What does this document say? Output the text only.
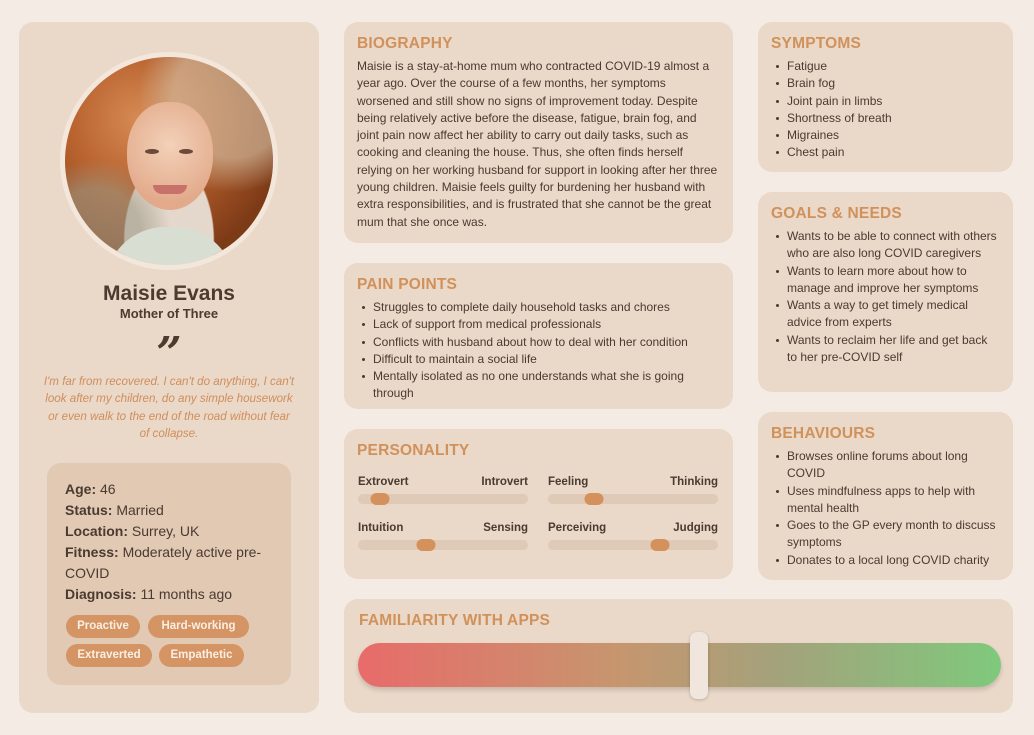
Maisie Evans
Mother of Three
”
I'm far from recovered. I can't do anything, I can't look after my children, do any simple housework or even walk to the end of the road without fear of collapse.
Age: 46
Status: Married
Location: Surrey, UK
Fitness: Moderately active pre-COVID
Diagnosis: 11 months ago
Proactive	Hard-working
Extraverted	Empathetic
BIOGRAPHY
Maisie is a stay-at-home mum who contracted COVID-19 almost a year ago. Over the course of a few months, her symptoms worsened and still show no signs of improvement today. Despite being relatively active before the disease, fatigue, brain fog, and joint pain now affect her ability to carry out daily tasks, such as cooking and cleaning the house. Thus, she often finds herself relying on her working husband for support in looking after her three young children. Maisie feels guilty for burdening her husband with extra responsibilities, and is frustrated that she cannot be the great mum that she once was.
PAIN POINTS
Struggles to complete daily household tasks and chores
Lack of support from medical professionals
Conflicts with husband about how to deal with her condition
Difficult to maintain a social life
Mentally isolated as no one understands what she is going through
PERSONALITY
Extrovert	Introvert Feeling	Thinking
Intuition	Sensing Perceiving	Judging
FAMILIARITY WITH APPS
SYMPTOMS
Fatigue
Brain fog
Joint pain in limbs
Shortness of breath
Migraines
Chest pain
GOALS & NEEDS
Wants to be able to connect with others who are also long COVID caregivers
Wants to learn more about how to manage and improve her symptoms
Wants a way to get timely medical advice from experts
Wants to reclaim her life and get back to her pre-COVID self
BEHAVIOURS
Browses online forums about long COVID
Uses mindfulness apps to help with mental health
Goes to the GP every month to discuss symptoms
Donates to a local long COVID charity
